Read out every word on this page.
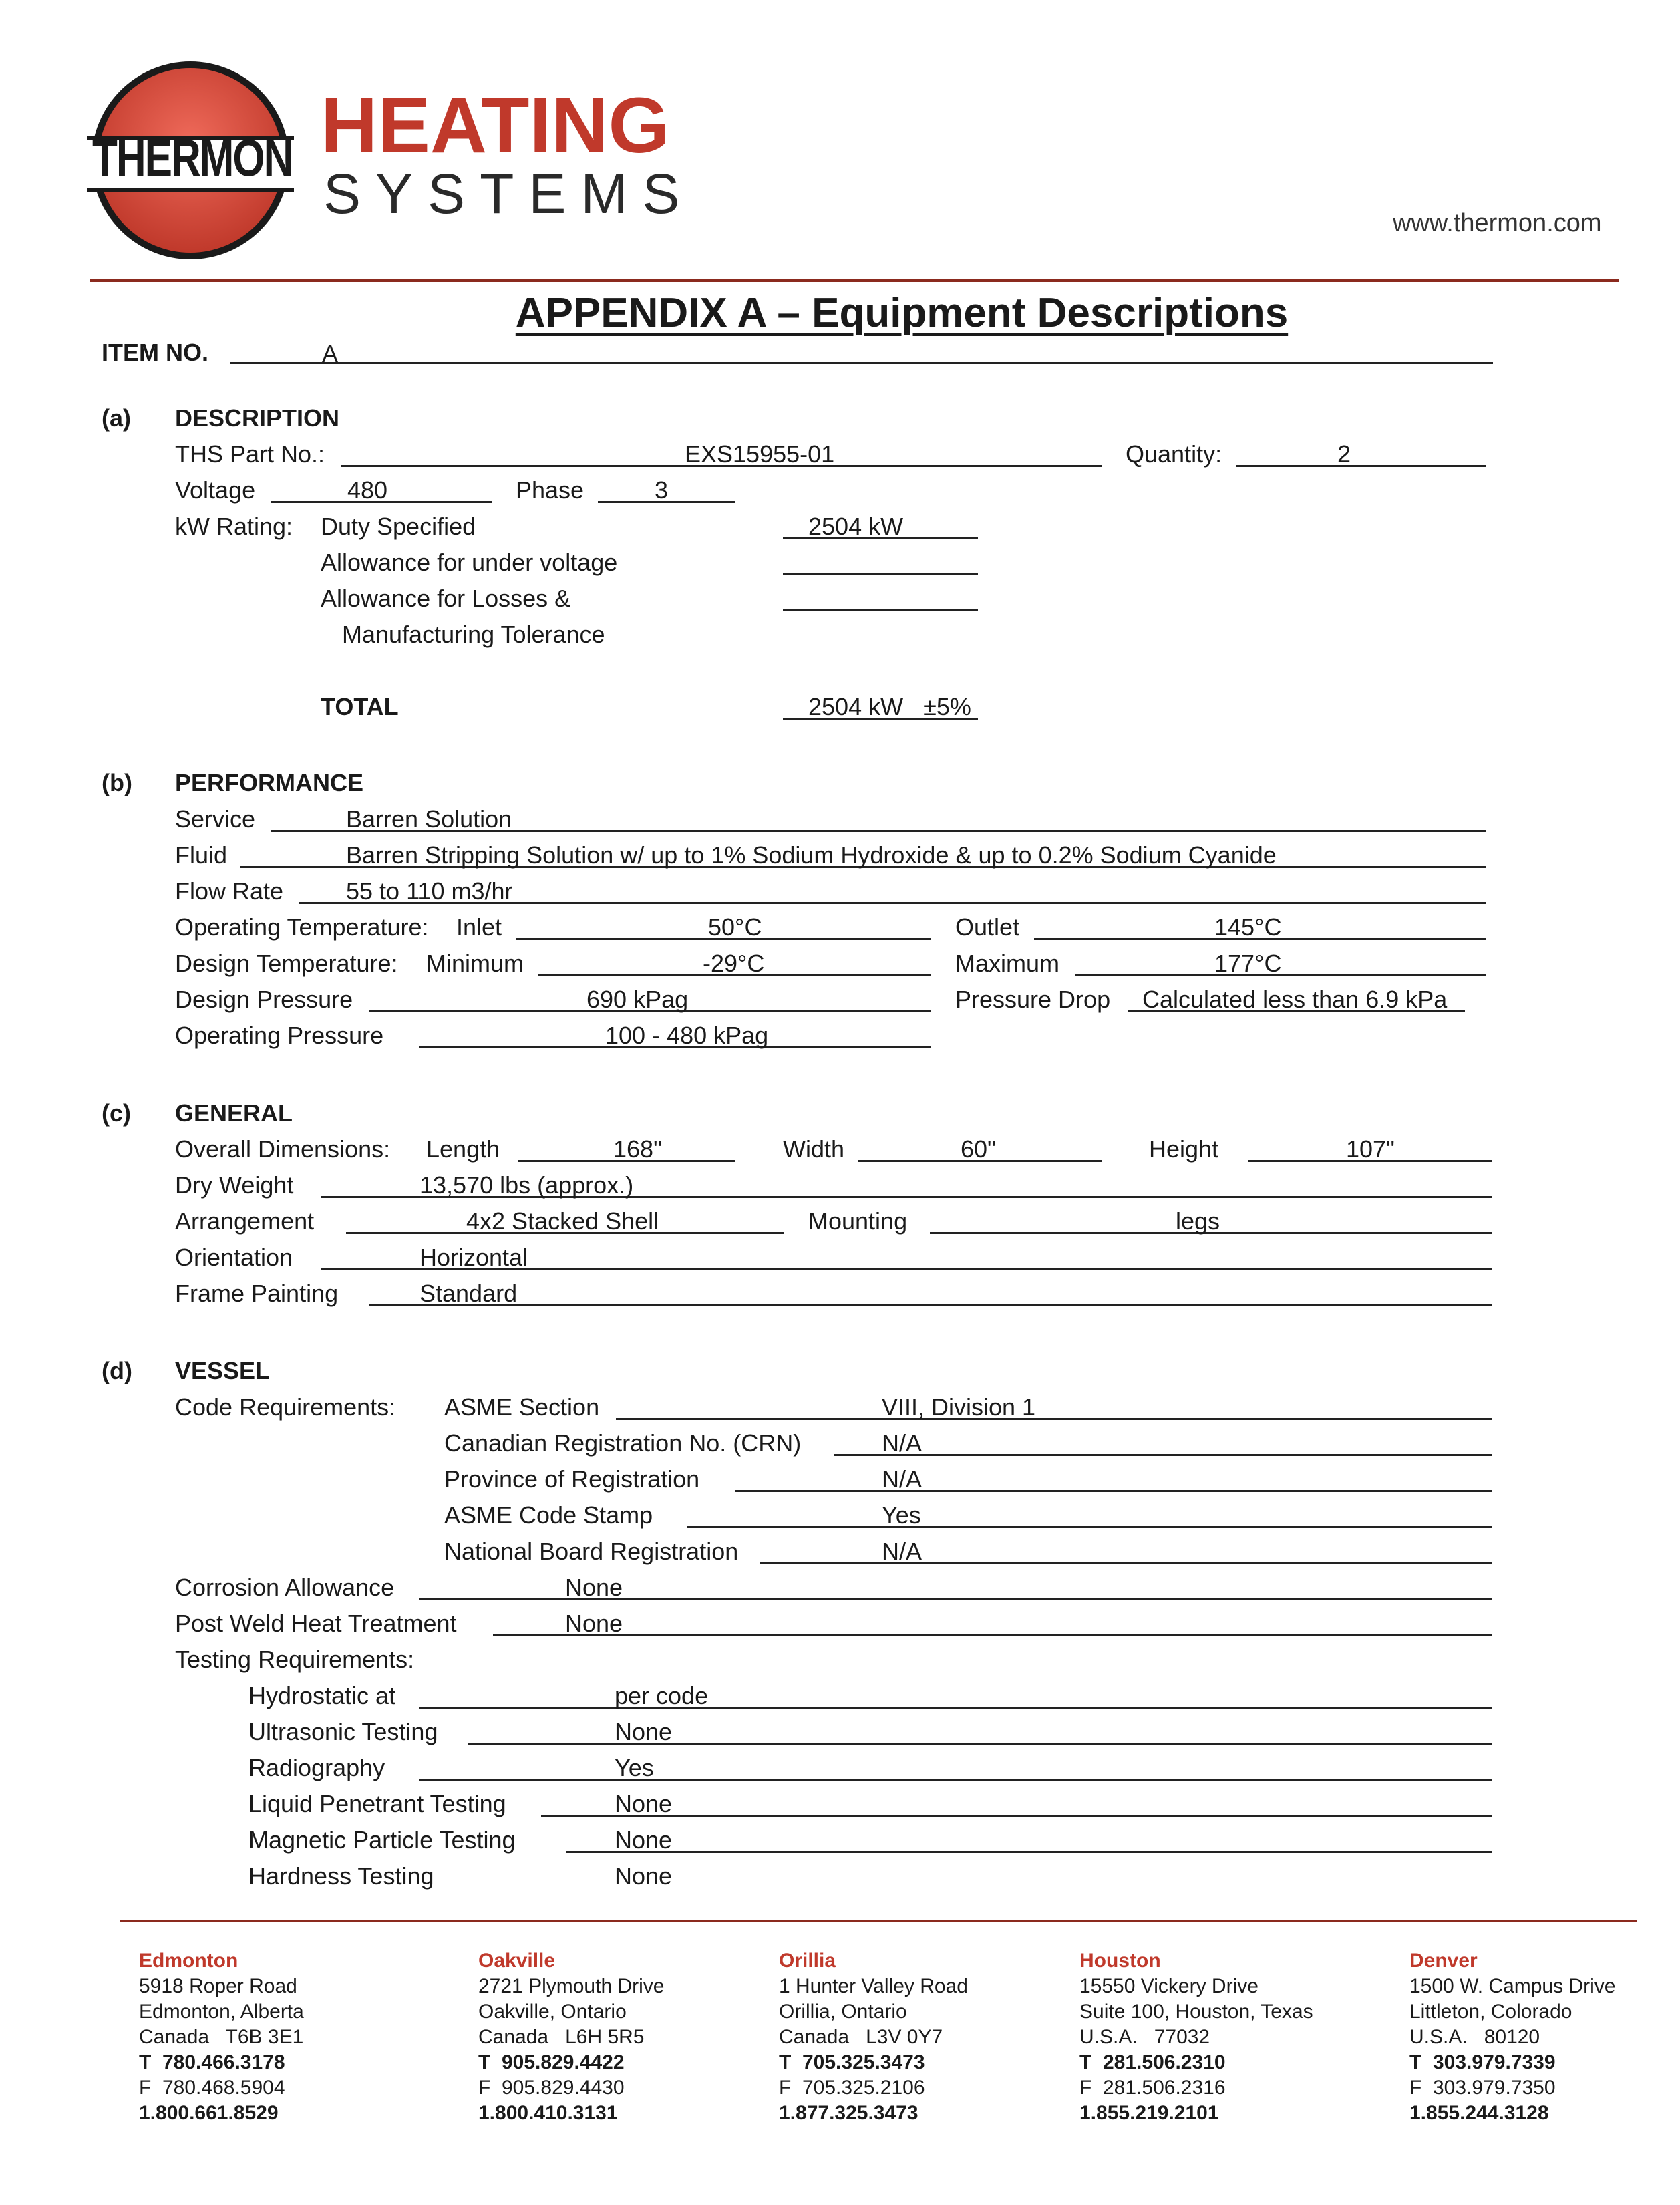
THERMON HEATING
SYSTEMS	www.thermon.com
APPENDIX A – Equipment Descriptions
ITEM NO.	A
(a) DESCRIPTION
THS Part No.:	EXS15955-01	Quantity:	2
Voltage	480	Phase	3
kW Rating: Duty Specified	2504 kW
Allowance for under voltage
Allowance for Losses &
Manufacturing Tolerance
TOTAL	2504 kW   ±5%
(b) PERFORMANCE
Service	Barren Solution
Fluid	Barren Stripping Solution w/ up to 1% Sodium Hydroxide & up to 0.2% Sodium Cyanide
Flow Rate	55 to 110 m3/hr
Operating Temperature: Inlet	50°C	Outlet	145°C
Design Temperature: Minimum	-29°C	Maximum	177°C
Design Pressure	690 kPag	Pressure Drop Calculated less than 6.9 kPa
Operating Pressure	100 - 480 kPag
(c) GENERAL
Overall Dimensions: Length	168"	Width	60"	Height	107"
Dry Weight	13,570 lbs (approx.)
Arrangement	4x2 Stacked Shell	Mounting	legs
Orientation	Horizontal
Frame Painting	Standard
(d) VESSEL
Code Requirements: ASME Section	VIII, Division 1
Canadian Registration No. (CRN)	N/A
Province of Registration	N/A
ASME Code Stamp	Yes
National Board Registration	N/A
Corrosion Allowance	None
Post Weld Heat Treatment	None
Testing Requirements:
Hydrostatic at	per code
Ultrasonic Testing	None
Radiography	Yes
Liquid Penetrant Testing	None
Magnetic Particle Testing	None
Hardness Testing	None
Edmonton
5918 Roper Road
Edmonton, Alberta
Canada   T6B 3E1
T  780.466.3178
F  780.468.5904
1.800.661.8529
Oakville
2721 Plymouth Drive
Oakville, Ontario
Canada   L6H 5R5
T  905.829.4422
F  905.829.4430
1.800.410.3131
Orillia
1 Hunter Valley Road
Orillia, Ontario
Canada   L3V 0Y7
T  705.325.3473
F  705.325.2106
1.877.325.3473
Houston
15550 Vickery Drive
Suite 100, Houston, Texas
U.S.A.   77032
T  281.506.2310
F  281.506.2316
1.855.219.2101
Denver
1500 W. Campus Drive
Littleton, Colorado
U.S.A.   80120
T  303.979.7339
F  303.979.7350
1.855.244.3128
